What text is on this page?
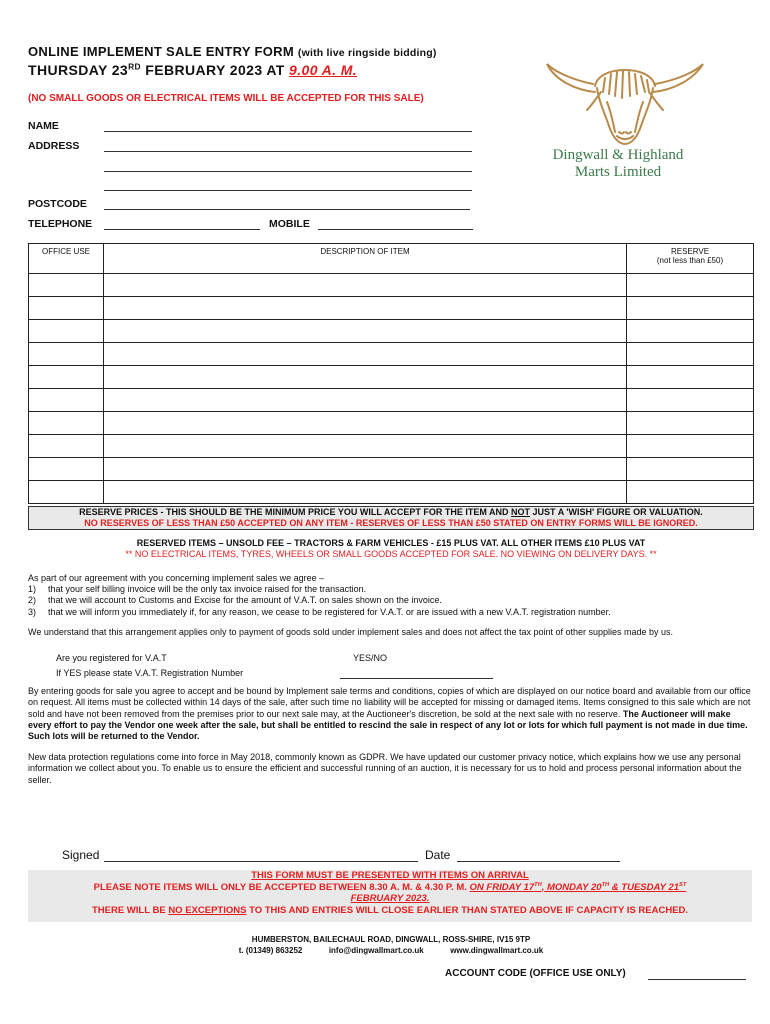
ONLINE IMPLEMENT SALE ENTRY FORM (with live ringside bidding)
THURSDAY 23RD FEBRUARY 2023 AT 9.00 A. M.
(NO SMALL GOODS OR ELECTRICAL ITEMS WILL BE ACCEPTED FOR THIS SALE)
Dingwall & Highland
Marts Limited
NAME
ADDRESS
POSTCODE
TELEPHONE	MOBILE
OFFICE USE	DESCRIPTION OF ITEM	RESERVE
(not less than £50)

RESERVE PRICES - THIS SHOULD BE THE MINIMUM PRICE YOU WILL ACCEPT FOR THE ITEM AND NOT JUST A 'WISH' FIGURE OR VALUATION.
NO RESERVES OF LESS THAN £50 ACCEPTED ON ANY ITEM - RESERVES OF LESS THAN £50 STATED ON ENTRY FORMS WILL BE IGNORED.
RESERVED ITEMS – UNSOLD FEE – TRACTORS & FARM VEHICLES - £15 PLUS VAT. ALL OTHER ITEMS £10 PLUS VAT
** NO ELECTRICAL ITEMS, TYRES, WHEELS OR SMALL GOODS ACCEPTED FOR SALE. NO VIEWING ON DELIVERY DAYS. **
As part of our agreement with you concerning implement sales we agree –
1) that your self billing invoice will be the only tax invoice raised for the transaction.
2) that we will account to Customs and Excise for the amount of V.A.T. on sales shown on the invoice.
3) that we will inform you immediately if, for any reason, we cease to be registered for V.A.T. or are issued with a new V.A.T. registration number.
We understand that this arrangement applies only to payment of goods sold under implement sales and does not affect the tax point of other supplies made by us.
Are you registered for V.A.T	YES/NO
If YES please state V.A.T. Registration Number
By entering goods for sale you agree to accept and be bound by Implement sale terms and conditions, copies of which are displayed on our notice board and available from our office on request. All items must be collected within 14 days of the sale, after such time no liability will be accepted for missing or damaged items. Items consigned to this sale which are not sold and have not been removed from the premises prior to our next sale may, at the Auctioneer's discretion, be sold at the next sale with no reserve. The Auctioneer will make every effort to pay the Vendor one week after the sale, but shall be entitled to rescind the sale in respect of any lot or lots for which full payment is not made in due time. Such lots will be returned to the Vendor.
New data protection regulations come into force in May 2018, commonly known as GDPR. We have updated our customer privacy notice, which explains how we use any personal information we collect about you. To enable us to ensure the efficient and successful running of an auction, it is necessary for us to hold and process personal information about the seller.
Signed	Date
THIS FORM MUST BE PRESENTED WITH ITEMS ON ARRIVAL
PLEASE NOTE ITEMS WILL ONLY BE ACCEPTED BETWEEN 8.30 A. M. & 4.30 P. M. ON FRIDAY 17TH, MONDAY 20TH & TUESDAY 21ST
FEBRUARY 2023.
THERE WILL BE NO EXCEPTIONS TO THIS AND ENTRIES WILL CLOSE EARLIER THAN STATED ABOVE IF CAPACITY IS REACHED.
HUMBERSTON, BAILECHAUL ROAD, DINGWALL, ROSS-SHIRE, IV15 9TP
t. (01349) 863252	info@dingwallmart.co.uk	www.dingwallmart.co.uk
ACCOUNT CODE (OFFICE USE ONLY)
